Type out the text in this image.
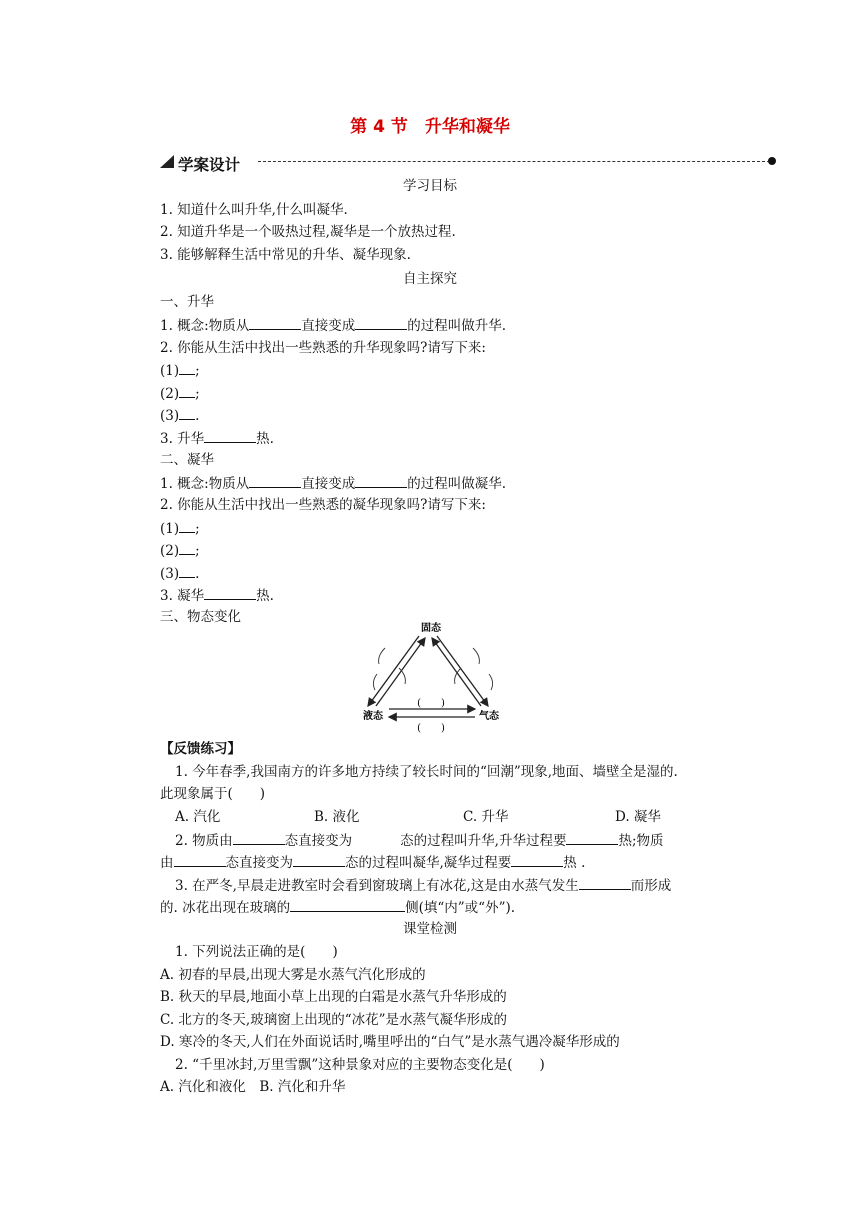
第 4 节　升华和凝华
学案设计
学习目标
1. 知道什么叫升华,什么叫凝华.
2. 知道升华是一个吸热过程,凝华是一个放热过程.
3. 能够解释生活中常见的升华、凝华现象.
自主探究
一、升华
1. 概念:物质从	直接变成	的过程叫做升华.
2. 你能从生活中找出一些熟悉的升华现象吗?请写下来:
(1) ;
(2) ;
(3) .
3. 升华	热.
二、凝华
1. 概念:物质从	直接变成	的过程叫做凝华.
2. 你能从生活中找出一些熟悉的凝华现象吗?请写下来:
(1) ;
(2) ;
(3) .
3. 凝华	热.
三、物态变化
固态
液态	气态
(　　)
(　　)
【反馈练习】
1. 今年春季,我国南方的许多地方持续了较长时间的“回潮”现象,地面、墙壁全是湿的.
此现象属于(　　)
A. 汽化	B. 液化	C. 升华	D. 凝华
2. 物质由	态直接变为	态的过程叫升华,升华过程要	热;物质
由	态直接变为	态的过程叫凝华,凝华过程要	热 .
3. 在严冬,早晨走进教室时会看到窗玻璃上有冰花,这是由水蒸气发生	而形成
的. 冰花出现在玻璃的	侧(填“内”或“外”).
课堂检测
1. 下列说法正确的是(　　)
A. 初春的早晨,出现大雾是水蒸气汽化形成的
B. 秋天的早晨,地面小草上出现的白霜是水蒸气升华形成的
C. 北方的冬天,玻璃窗上出现的“冰花”是水蒸气凝华形成的
D. 寒冷的冬天,人们在外面说话时,嘴里呼出的“白气”是水蒸气遇冷凝华形成的
2. “千里冰封,万里雪飘”这种景象对应的主要物态变化是(　　)
A. 汽化和液化　B. 汽化和升华
